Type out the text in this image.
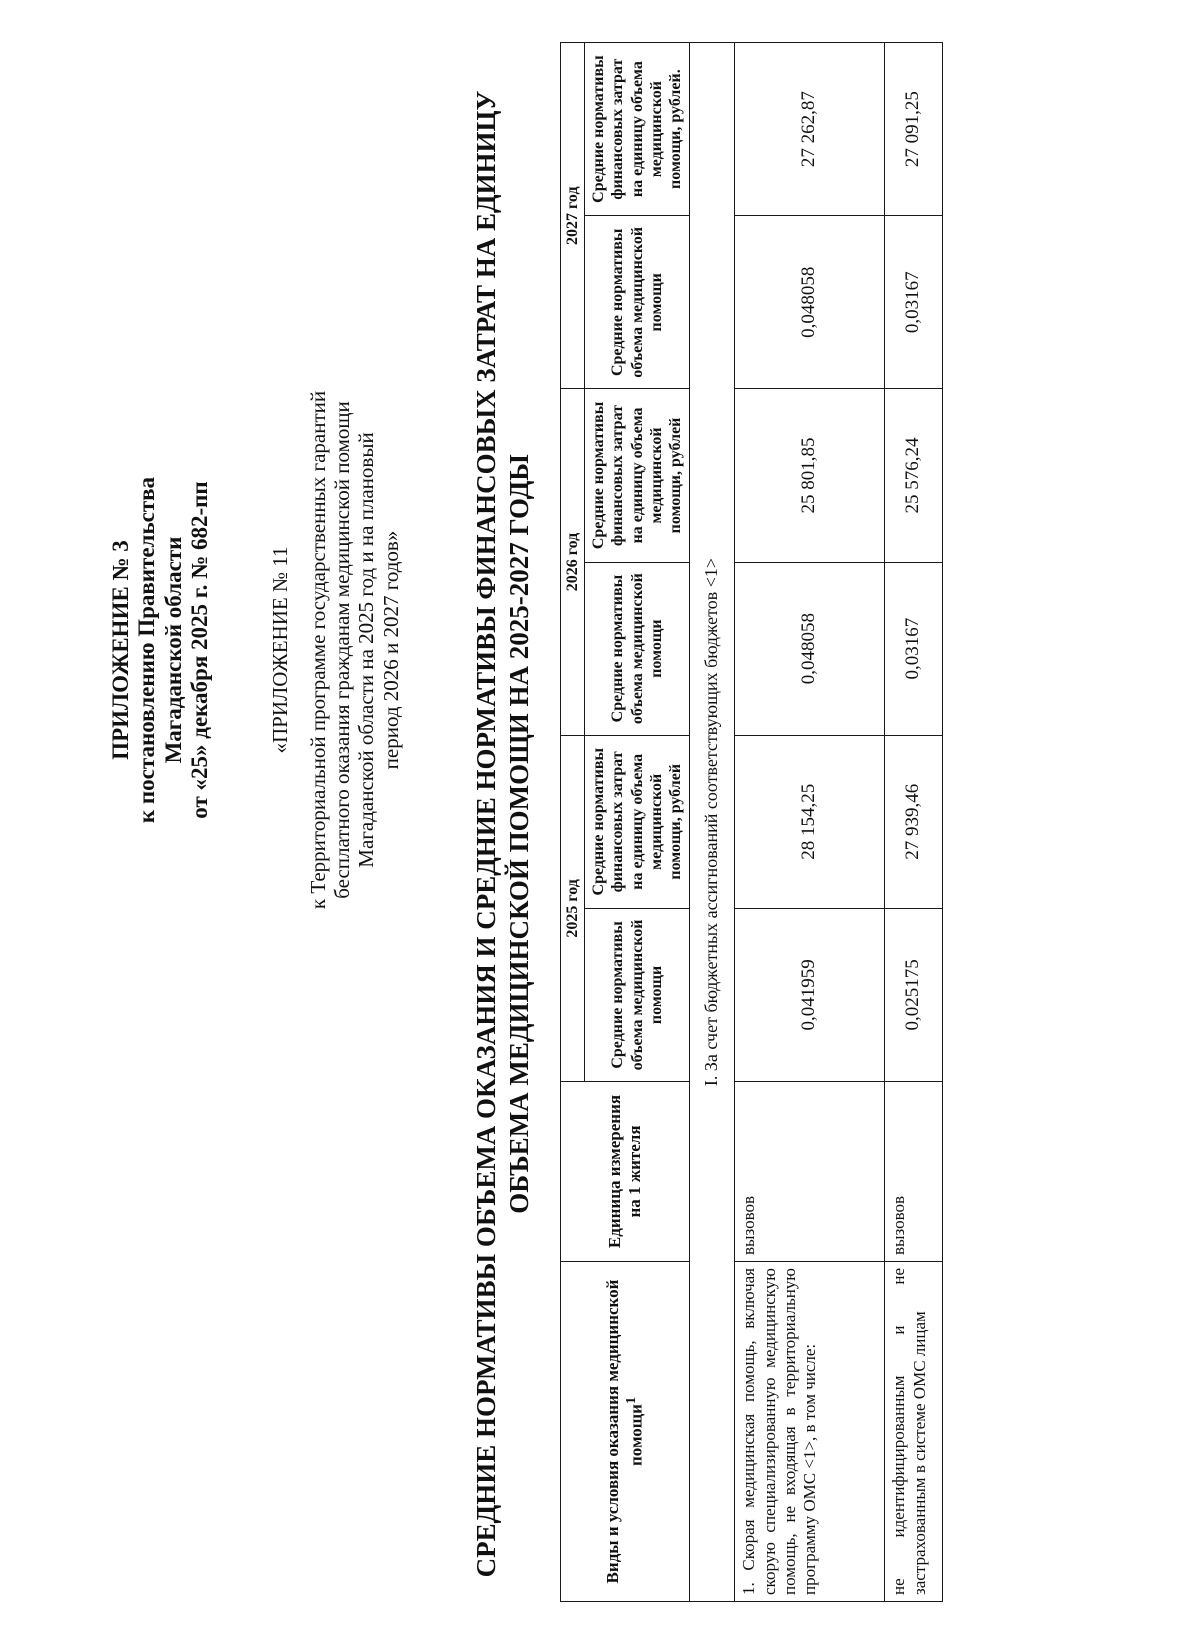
ПРИЛОЖЕНИЕ № 3 к постановлению Правительства Магаданской области от «25» декабря 2025 г. № 682-пп	«ПРИЛОЖЕНИЕ № 11 к Территориальной программе государственных гарантий бесплатного оказания гражданам медицинской помощи Магаданской области на 2025 год и на плановый период 2026 и 2027 годов»	СРЕДНИЕ НОРМАТИВЫ ОБЪЕМА ОКАЗАНИЯ И СРЕДНИЕ НОРМАТИВЫ ФИНАНСОВЫХ ЗАТРАТ НА ЕДИНИЦУ ОБЪЕМА МЕДИЦИНСКОЙ ПОМОЩИ НА 2025-2027 ГОДЫ
Виды и условия оказания медицинской помощи$^1$	Единица измерения на 1 жителя	2025 год		2026 год		2027 год	
		Средние нормативы объема медицинской помощи	Средние нормативы финансовых затрат на единицу объема медицинской помощи, рублей	Средние нормативы объема медицинской помощи	Средние нормативы финансовых затрат на единицу объема медицинской помощи, рублей	Средние нормативы объема медицинской помощи	Средние нормативы финансовых затрат на единицу объема медицинской помощи, рублей.
I. За счет бюджетных ассигнований соответствующих бюджетов <1>							
1. Скорая медицинская помощь, включая скорую специализированную медицинскую помощь, не входящая в территориальную программу ОМС <1>, в том числе:	вызовов	0,041959	28 154,25	0,048058	25 801,85	0,048058	27 262,87
не идентифицированным и не застрахованным в системе ОМС лицам	вызовов	0,025175	27 939,46	0,03167	25 576,24	0,03167	27 091,25
